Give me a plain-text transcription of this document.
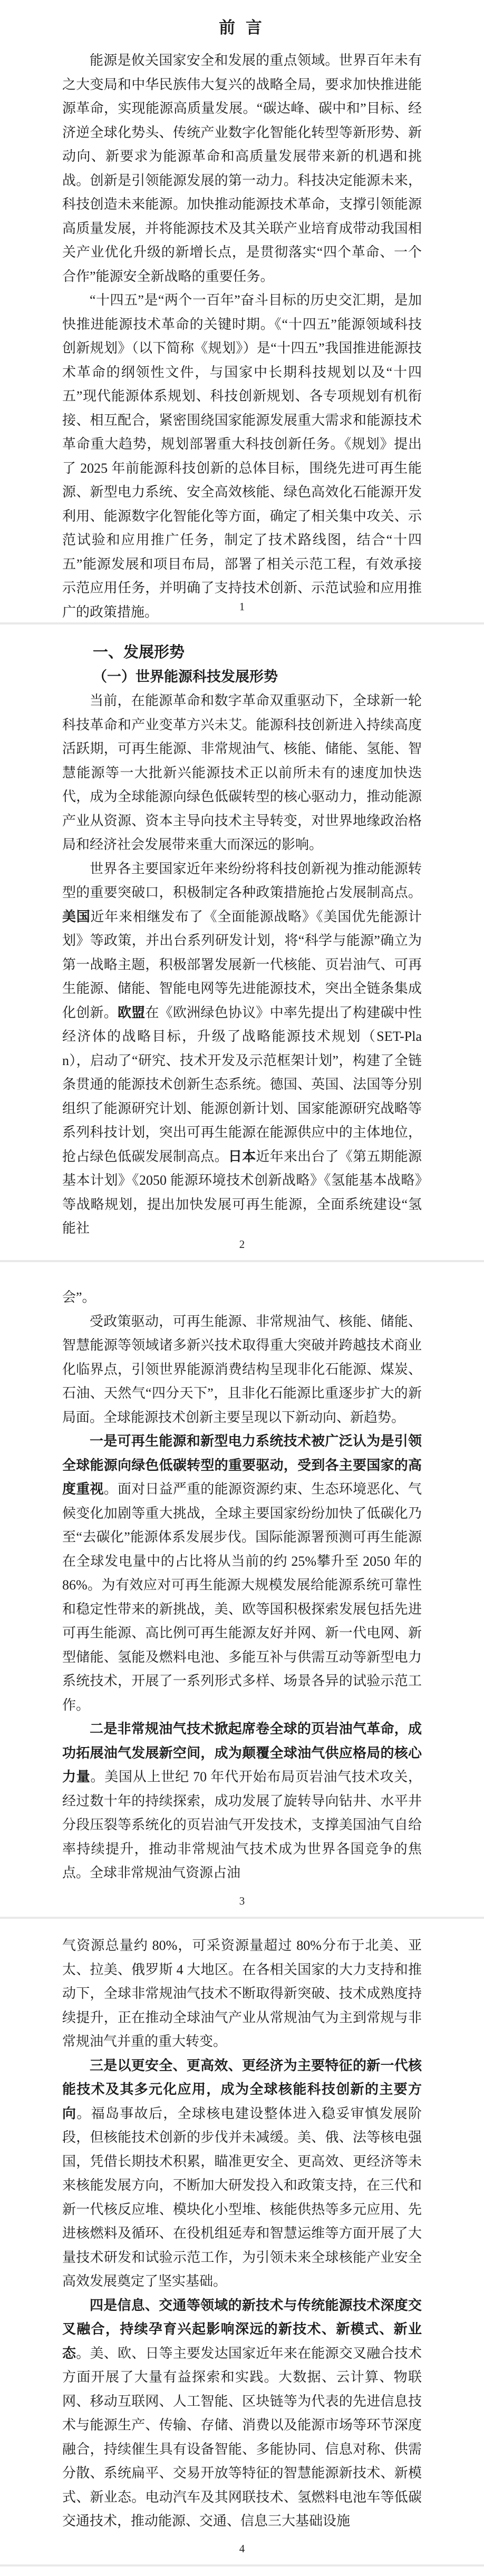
前 言

能源是攸关国家安全和发展的重点领域。世界百年未有之大变局和中华民族伟大复兴的战略全局，要求加快推进能源革命，实现能源高质量发展。“碳达峰、碳中和”目标、经济逆全球化势头、传统产业数字化智能化转型等新形势、新动向、新要求为能源革命和高质量发展带来新的机遇和挑战。创新是引领能源发展的第一动力。科技决定能源未来，科技创造未来能源。加快推动能源技术革命，支撑引领能源高质量发展，并将能源技术及其关联产业培育成带动我国相关产业优化升级的新增长点，是贯彻落实“四个革命、一个合作”能源安全新战略的重要任务。

“十四五”是“两个一百年”奋斗目标的历史交汇期，是加快推进能源技术革命的关键时期。《“十四五”能源领域科技创新规划》（以下简称《规划》）是“十四五”我国推进能源技术革命的纲领性文件，与国家中长期科技规划以及“十四五”现代能源体系规划、科技创新规划、各专项规划有机衔接、相互配合，紧密围绕国家能源发展重大需求和能源技术革命重大趋势，规划部署重大科技创新任务。《规划》提出了 2025 年前能源科技创新的总体目标，围绕先进可再生能源、新型电力系统、安全高效核能、绿色高效化石能源开发利用、能源数字化智能化等方面，确定了相关集中攻关、示范试验和应用推广任务，制定了技术路线图，结合“十四五”能源发展和项目布局，部署了相关示范工程，有效承接示范应用任务，并明确了支持技术创新、示范试验和应用推广的政策措施。	1
一、发展形势
（一）世界能源科技发展形势

当前，在能源革命和数字革命双重驱动下，全球新一轮科技革命和产业变革方兴未艾。能源科技创新进入持续高度活跃期，可再生能源、非常规油气、核能、储能、氢能、智慧能源等一大批新兴能源技术正以前所未有的速度加快迭代，成为全球能源向绿色低碳转型的核心驱动力，推动能源产业从资源、资本主导向技术主导转变，对世界地缘政治格局和经济社会发展带来重大而深远的影响。

世界各主要国家近年来纷纷将科技创新视为推动能源转型的重要突破口，积极制定各种政策措施抢占发展制高点。美国近年来相继发布了《全面能源战略》《美国优先能源计划》等政策，并出台系列研发计划，将“科学与能源”确立为第一战略主题，积极部署发展新一代核能、页岩油气、可再生能源、储能、智能电网等先进能源技术，突出全链条集成化创新。欧盟在《欧洲绿色协议》中率先提出了构建碳中性经济体的战略目标，升级了战略能源技术规划（SET-Plan），启动了“研究、技术开发及示范框架计划”，构建了全链条贯通的能源技术创新生态系统。德国、英国、法国等分别组织了能源研究计划、能源创新计划、国家能源研究战略等系列科技计划，突出可再生能源在能源供应中的主体地位，抢占绿色低碳发展制高点。日本近年来出台了《第五期能源基本计划》《2050 能源环境技术创新战略》《氢能基本战略》等战略规划，提出加快发展可再生能源，全面系统建设“氢能社

2

会”。

受政策驱动，可再生能源、非常规油气、核能、储能、智慧能源等领域诸多新兴技术取得重大突破并跨越技术商业化临界点，引领世界能源消费结构呈现非化石能源、煤炭、石油、天然气“四分天下”，且非化石能源比重逐步扩大的新局面。全球能源技术创新主要呈现以下新动向、新趋势。

一是可再生能源和新型电力系统技术被广泛认为是引领全球能源向绿色低碳转型的重要驱动，受到各主要国家的高度重视。面对日益严重的能源资源约束、生态环境恶化、气候变化加剧等重大挑战，全球主要国家纷纷加快了低碳化乃至“去碳化”能源体系发展步伐。国际能源署预测可再生能源在全球发电量中的占比将从当前的约 25%攀升至 2050 年的 86%。为有效应对可再生能源大规模发展给能源系统可靠性和稳定性带来的新挑战，美、欧等国积极探索发展包括先进可再生能源、高比例可再生能源友好并网、新一代电网、新型储能、氢能及燃料电池、多能互补与供需互动等新型电力系统技术，开展了一系列形式多样、场景各异的试验示范工作。

二是非常规油气技术掀起席卷全球的页岩油气革命，成功拓展油气发展新空间，成为颠覆全球油气供应格局的核心力量。美国从上世纪 70 年代开始布局页岩油气技术攻关，经过数十年的持续探索，成功发展了旋转导向钻井、水平井分段压裂等系统化的页岩油气开发技术，支撑美国油气自给率持续提升，推动非常规油气技术成为世界各国竞争的焦点。全球非常规油气资源占油

3

气资源总量约 80%，可采资源量超过 80%分布于北美、亚太、拉美、俄罗斯 4 大地区。在各相关国家的大力支持和推动下，全球非常规油气技术不断取得新突破、技术成熟度持续提升，正在推动全球油气产业从常规油气为主到常规与非常规油气并重的重大转变。

三是以更安全、更高效、更经济为主要特征的新一代核能技术及其多元化应用，成为全球核能科技创新的主要方向。福岛事故后，全球核电建设整体进入稳妥审慎发展阶段，但核能技术创新的步伐并未减缓。美、俄、法等核电强国，凭借长期技术积累，瞄准更安全、更高效、更经济等未来核能发展方向，不断加大研发投入和政策支持，在三代和新一代核反应堆、模块化小型堆、核能供热等多元应用、先进核燃料及循环、在役机组延寿和智慧运维等方面开展了大量技术研发和试验示范工作，为引领未来全球核能产业安全高效发展奠定了坚实基础。

四是信息、交通等领域的新技术与传统能源技术深度交叉融合，持续孕育兴起影响深远的新技术、新模式、新业态。美、欧、日等主要发达国家近年来在能源交叉融合技术方面开展了大量有益探索和实践。大数据、云计算、物联网、移动互联网、人工智能、区块链等为代表的先进信息技术与能源生产、传输、存储、消费以及能源市场等环节深度融合，持续催生具有设备智能、多能协同、信息对称、供需分散、系统扁平、交易开放等特征的智慧能源新技术、新模式、新业态。电动汽车及其网联技术、氢燃料电池车等低碳交通技术，推动能源、交通、信息三大基础设施

4
